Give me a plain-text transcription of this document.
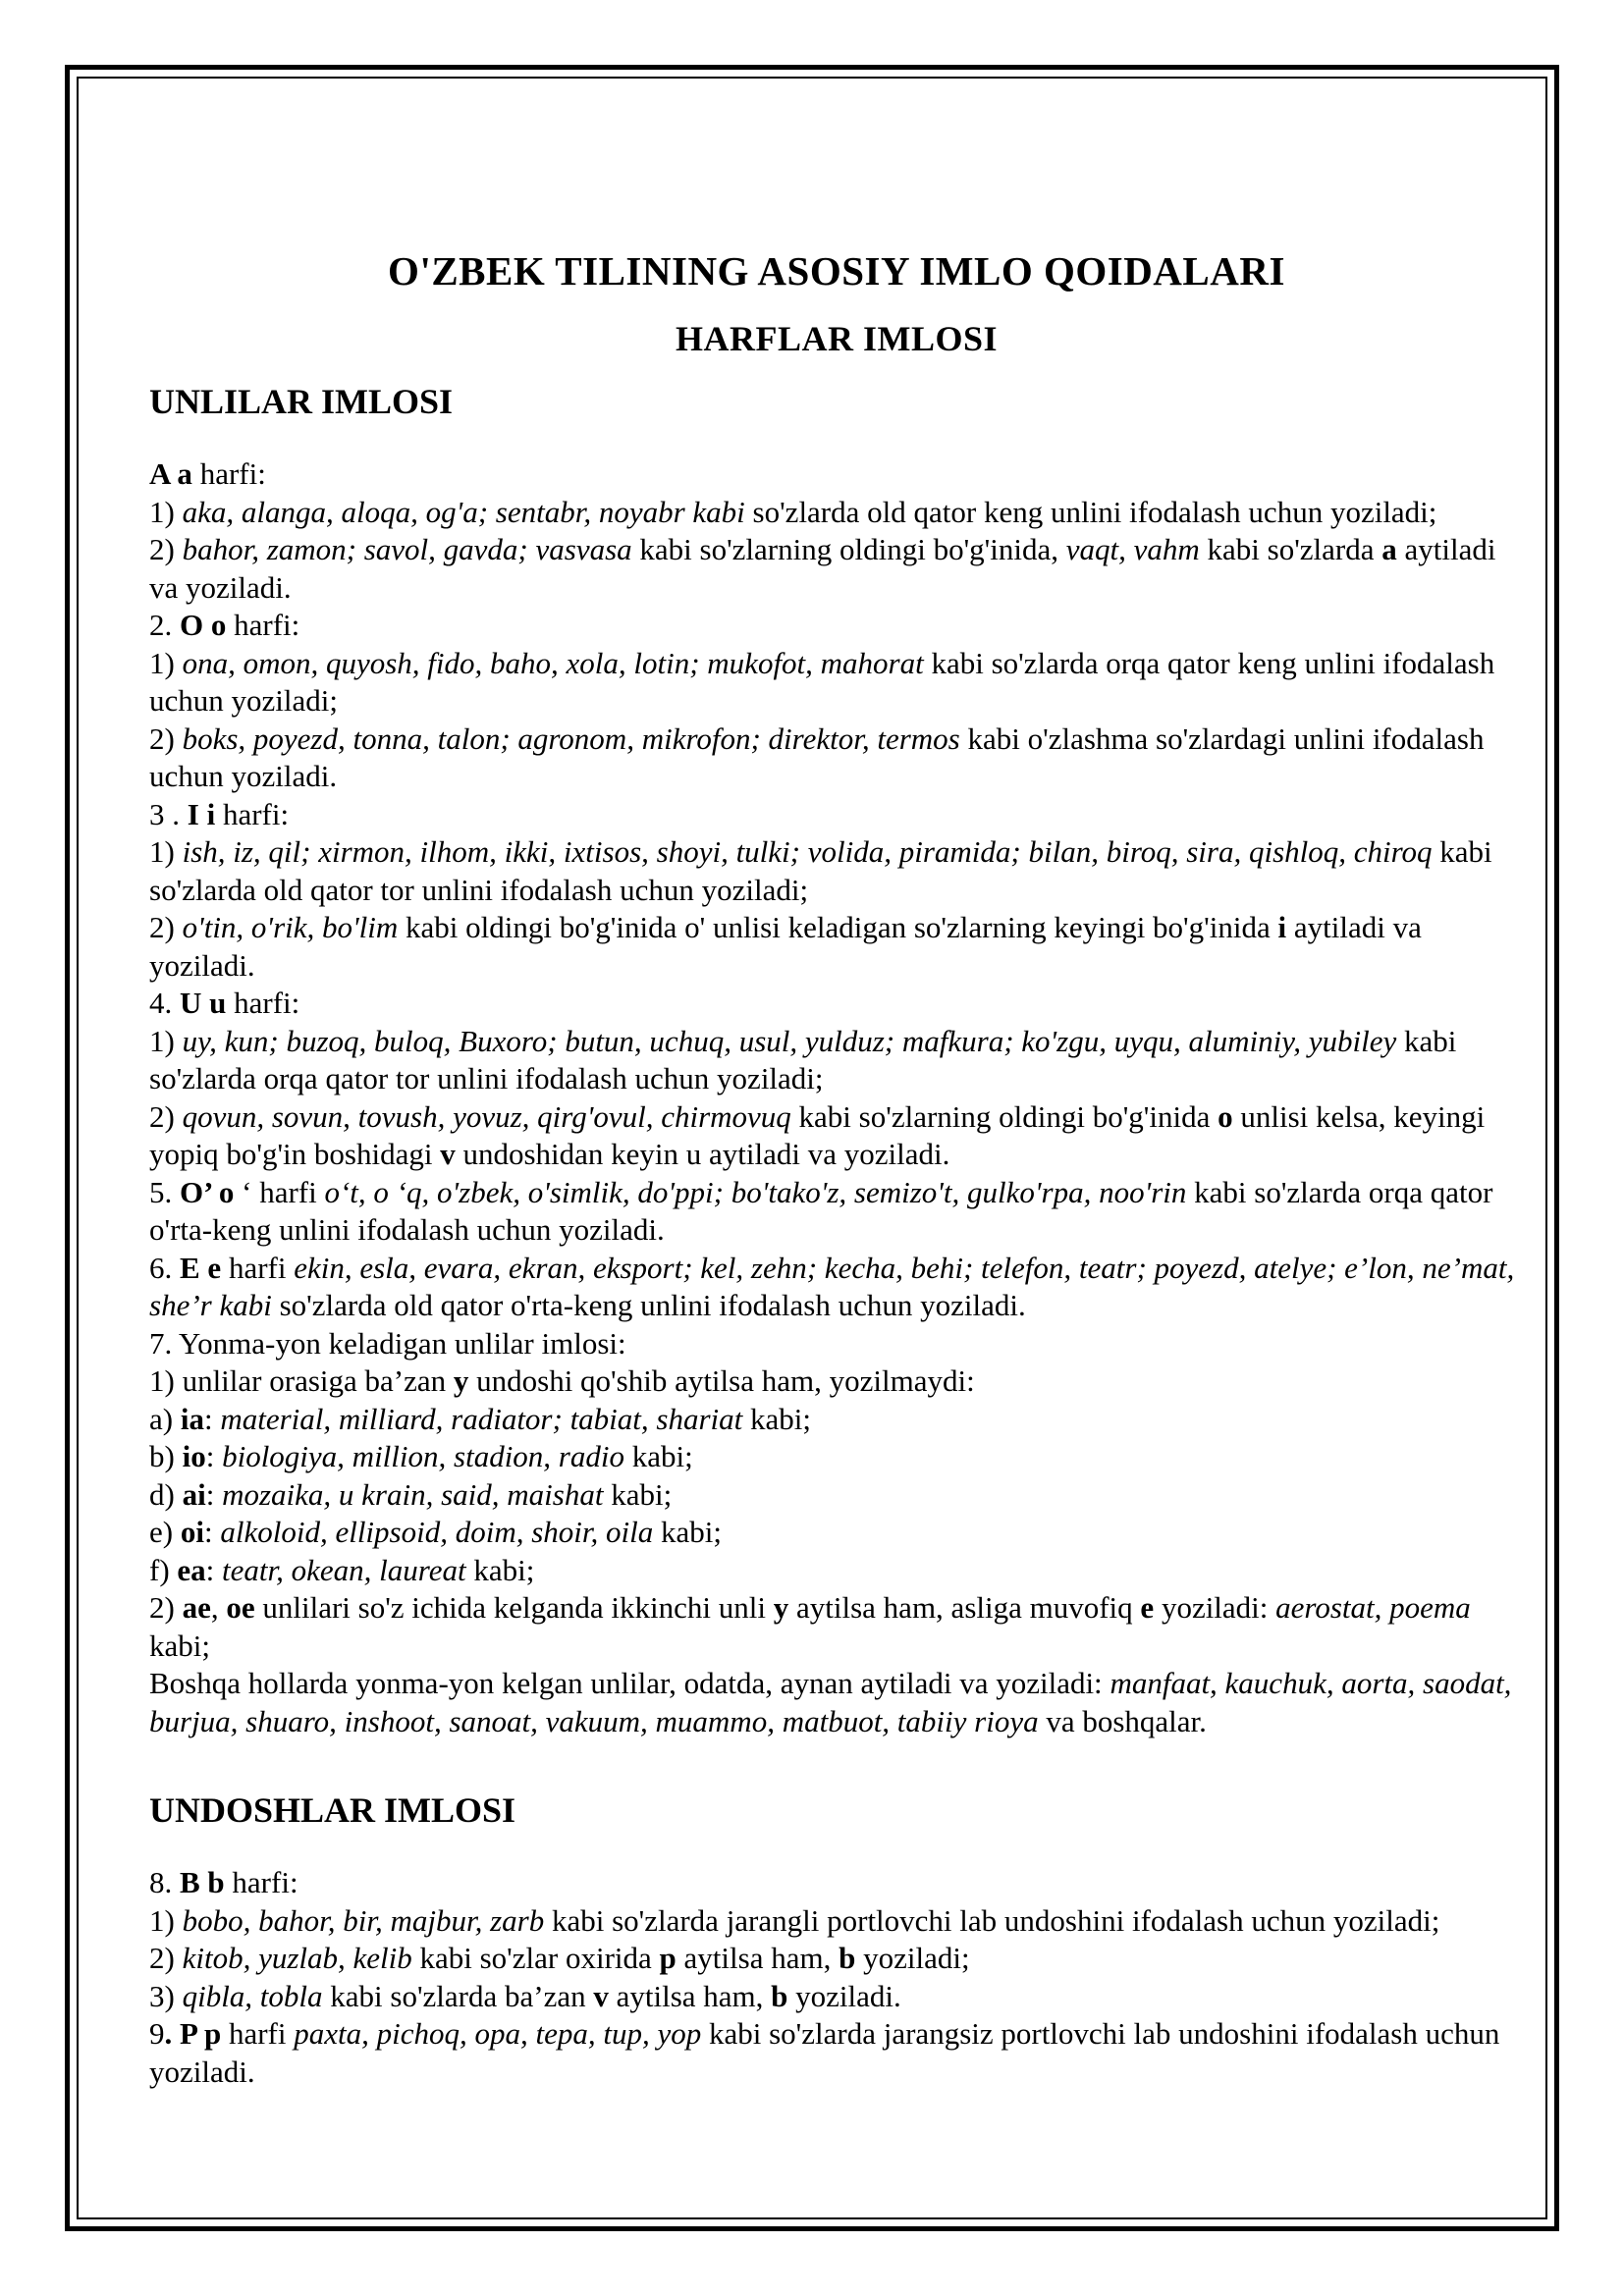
O'ZBEK TILINING ASOSIY IMLO QOIDALARI
HARFLAR IMLOSI
UNLILAR IMLOSI

A a harfi:

1) aka, alanga, aloqa, og'a; sentabr, noyabr kabi so'zlarda old qator keng unlini ifodalash uchun yoziladi;

2) bahor, zamon; savol, gavda; vasvasa kabi so'zlarning oldingi bo'g'inida, vaqt, vahm kabi so'zlarda a aytiladi va yoziladi.

2. O o harfi:

1) ona, omon, quyosh, fido, baho, xola, lotin; mukofot, mahorat kabi so'zlarda orqa qator keng unlini ifodalash uchun yoziladi;

2) boks, poyezd, tonna, talon; agronom, mikrofon; direktor, termos kabi o'zlashma so'zlardagi unlini ifodalash uchun yoziladi.

3 . I i harfi:

1) ish, iz, qil; xirmon, ilhom, ikki, ixtisos, shoyi, tulki; volida, piramida; bilan, biroq, sira, qishloq, chiroq kabi so'zlarda old qator tor unlini ifodalash uchun yoziladi;

2) o'tin, o'rik, bo'lim kabi oldingi bo'g'inida o' unlisi keladigan so'zlarning keyingi bo'g'inida i aytiladi va yoziladi.

4. U u harfi:

1) uy, kun; buzoq, buloq, Buxoro; butun, uchuq, usul, yulduz; mafkura; ko'zgu, uyqu, aluminiy, yubiley kabi so'zlarda orqa qator tor unlini ifodalash uchun yoziladi;

2) qovun, sovun, tovush, yovuz, qirg'ovul, chirmovuq kabi so'zlarning oldingi bo'g'inida o unlisi kelsa, keyingi yopiq bo'g'in boshidagi v undoshidan keyin u aytiladi va yoziladi.

5. O’ o ‘ harfi o‘t, o ‘q, o'zbek, o'simlik, do'ppi; bo'tako'z, semizo't, gulko'rpa, noo'rin kabi so'zlarda orqa qator o'rta-keng unlini ifodalash uchun yoziladi.

6. E e harfi ekin, esla, evara, ekran, eksport; kel, zehn; kecha, behi; telefon, teatr; poyezd, atelye; e’lon, ne’mat, she’r kabi so'zlarda old qator o'rta-keng unlini ifodalash uchun yoziladi.

7. Yonma-yon keladigan unlilar imlosi:

1) unlilar orasiga ba’zan y undoshi qo'shib aytilsa ham, yozilmaydi:

a) ia: material, milliard, radiator; tabiat, shariat kabi;

b) io: biologiya, million, stadion, radio kabi;

d) ai: mozaika, u krain, said, maishat kabi;

e) oi: alkoloid, ellipsoid, doim, shoir, oila kabi;

f) ea: teatr, okean, laureat kabi;

2) ae, oe unlilari so'z ichida kelganda ikkinchi unli y aytilsa ham, asliga muvofiq e yoziladi: aerostat, poema kabi;

Boshqa hollarda yonma-yon kelgan unlilar, odatda, aynan aytiladi va yoziladi: manfaat, kauchuk, aorta, saodat, burjua, shuaro, inshoot, sanoat, vakuum, muammo, matbuot, tabiiy rioya va boshqalar.

UNDOSHLAR IMLOSI

8. B b harfi:

1) bobo, bahor, bir, majbur, zarb kabi so'zlarda jarangli portlovchi lab undoshini ifodalash uchun yoziladi;

2) kitob, yuzlab, kelib kabi so'zlar oxirida p aytilsa ham, b yoziladi;

3) qibla, tobla kabi so'zlarda ba’zan v aytilsa ham, b yoziladi.

9. P p harfi paxta, pichoq, opa, tepa, tup, yop kabi so'zlarda jarangsiz portlovchi lab undoshini ifodalash uchun yoziladi.
